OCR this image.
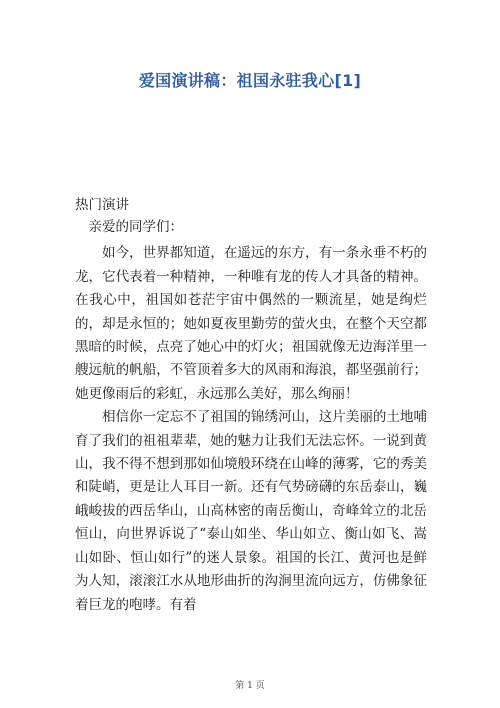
爱国演讲稿：祖国永驻我心[1]
热门演讲

亲爱的同学们：

如今，世界都知道，在遥远的东方，有一条永垂不朽的龙，它代表着一种精神，一种唯有龙的传人才具备的精神。在我心中，祖国如苍茫宇宙中偶然的一颗流星，她是绚烂的，却是永恒的；她如夏夜里勤劳的萤火虫，在整个天空都黑暗的时候，点亮了她心中的灯火；祖国就像无边海洋里一艘远航的帆船，不管顶着多大的风雨和海浪，都坚强前行；她更像雨后的彩虹，永远那么美好，那么绚丽！

相信你一定忘不了祖国的锦绣河山，这片美丽的土地哺育了我们的祖祖辈辈，她的魅力让我们无法忘怀。一说到黄山，我不得不想到那如仙境般环绕在山峰的薄雾，它的秀美和陡峭，更是让人耳目一新。还有气势磅礴的东岳泰山，巍峨峻拔的西岳华山，山高林密的南岳衡山，奇峰耸立的北岳恒山，向世界诉说了“泰山如坐、华山如立、衡山如飞、嵩山如卧、恒山如行”的迷人景象。祖国的长江、黄河也是鲜为人知，滚滚江水从地形曲折的沟涧里流向远方，仿佛象征着巨龙的咆哮。有着

第 1 页
